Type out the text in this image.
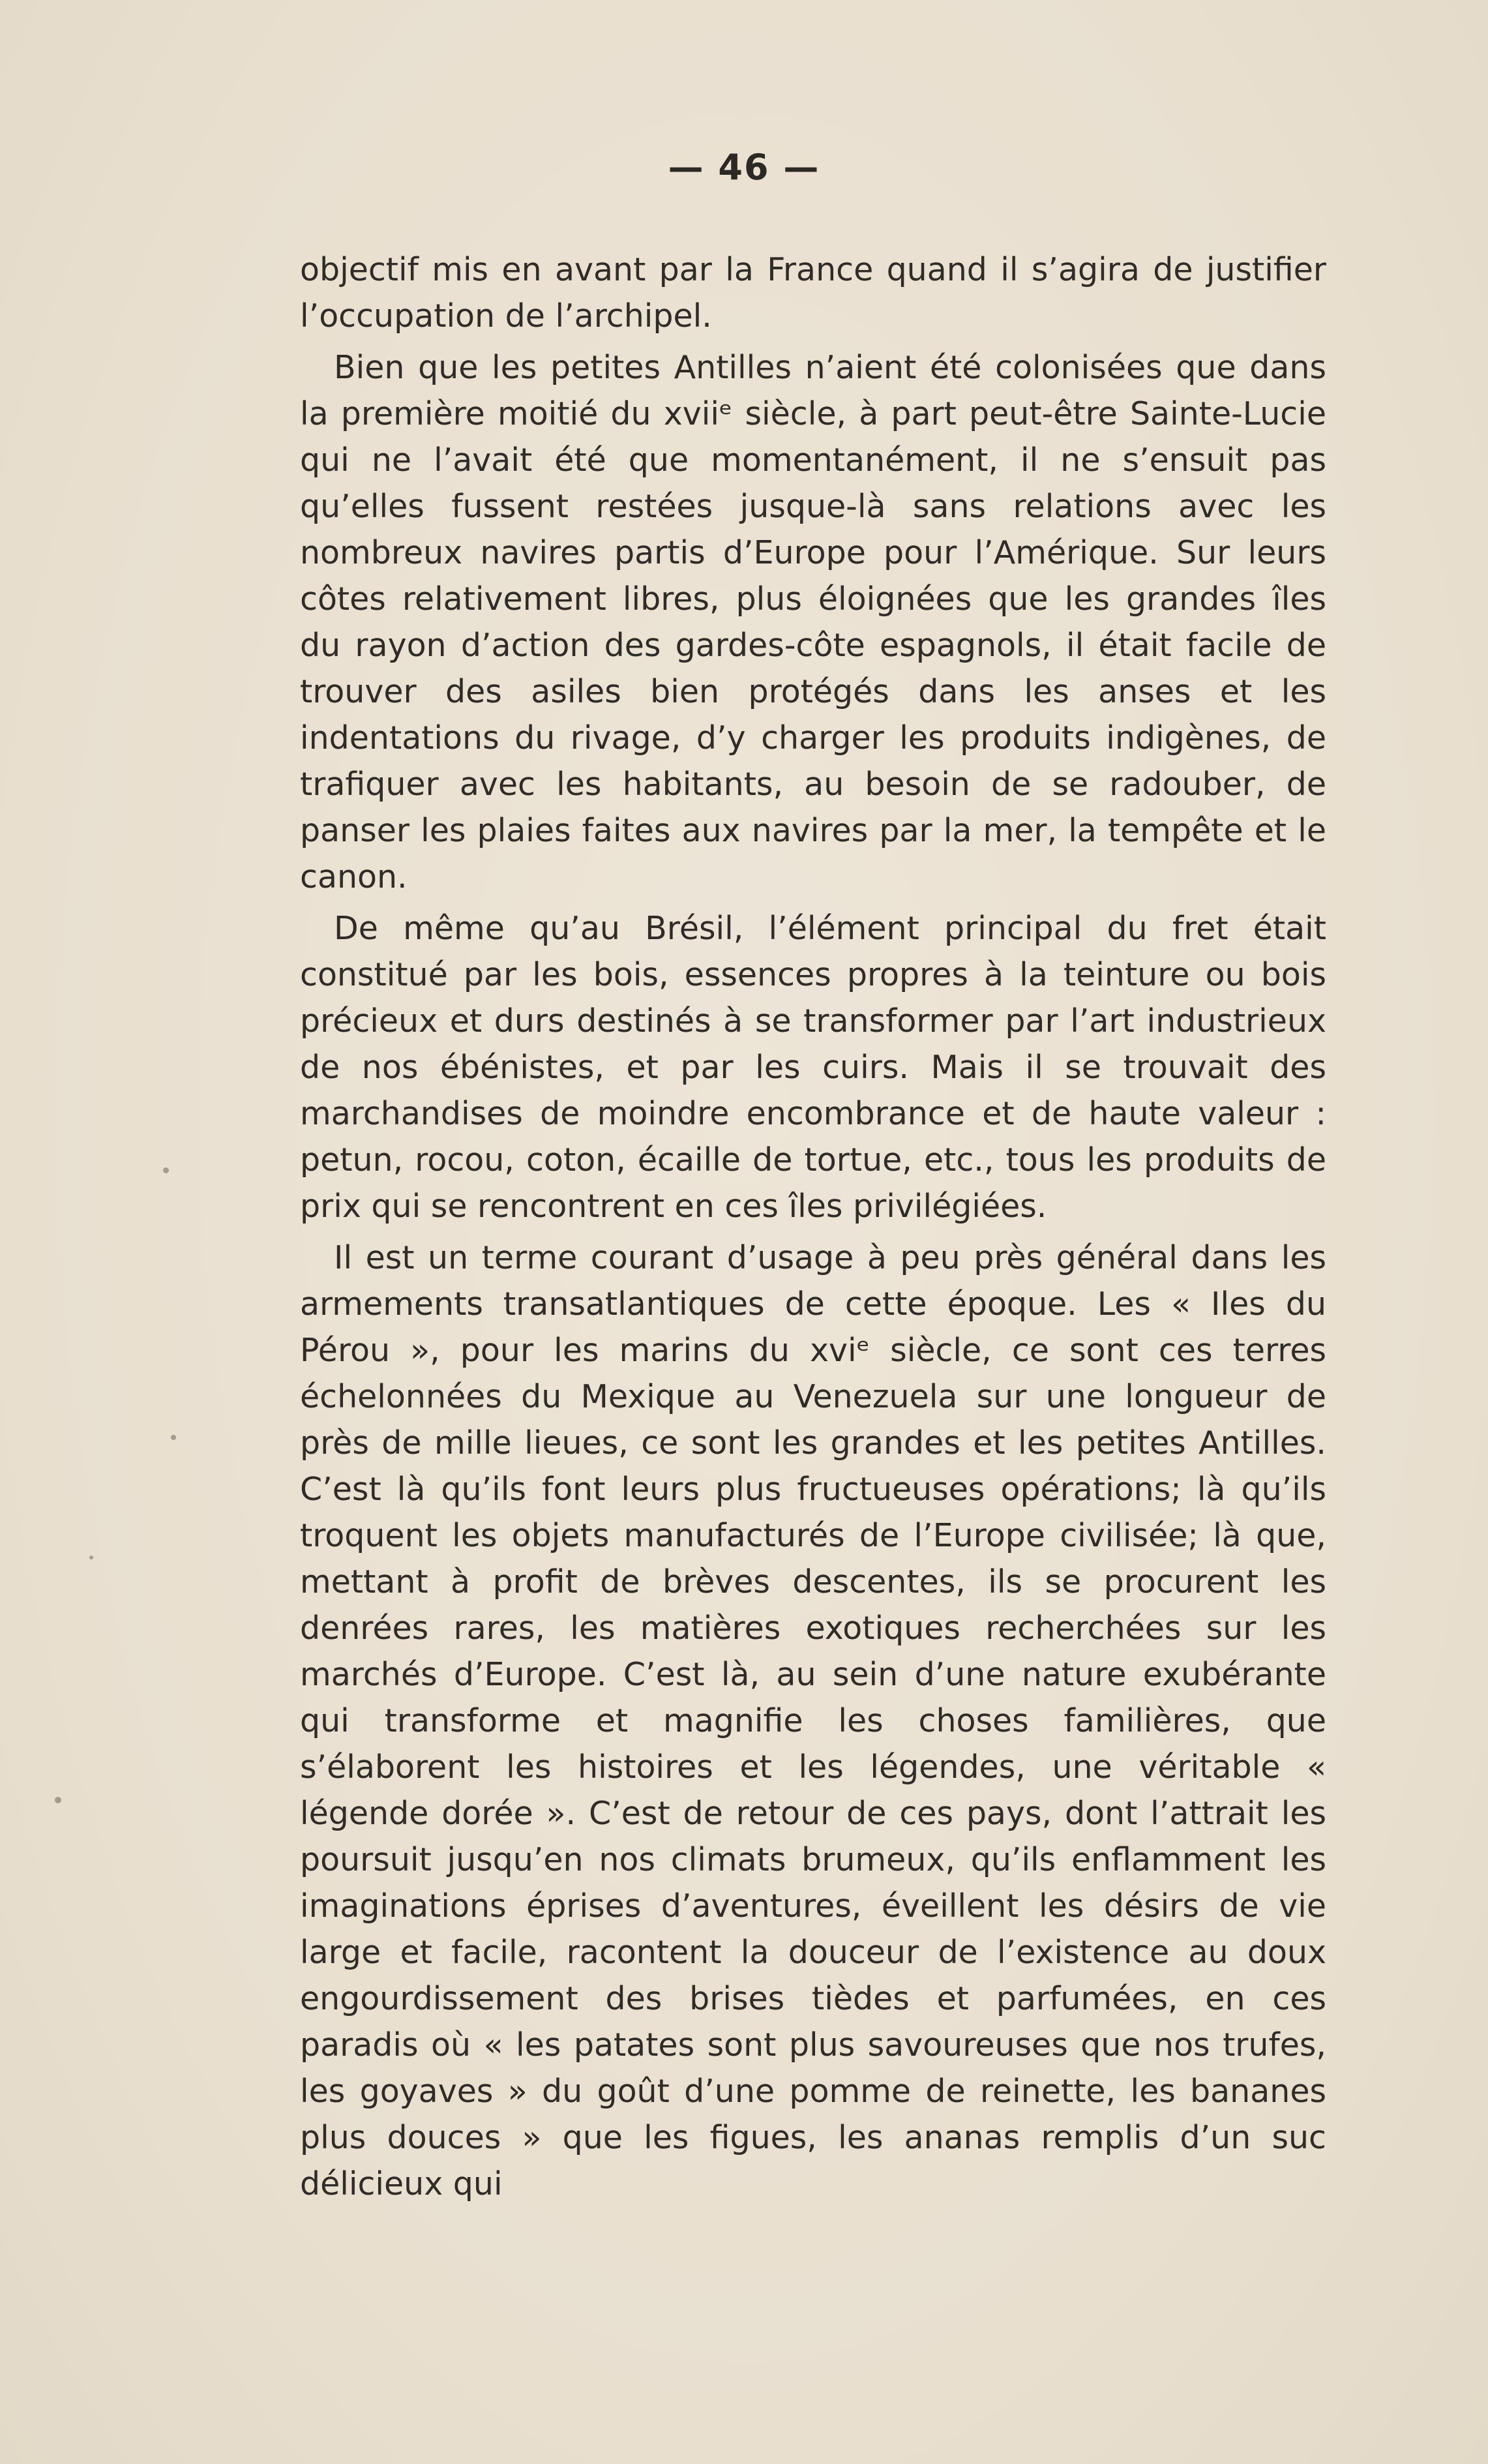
— 46 —

objectif mis en avant par la France quand il s’agira de justifier l’occupation de l’archipel.

Bien que les petites Antilles n’aient été colonisées que dans la première moitié du xviiᵉ siècle, à part peut-être Sainte-Lucie qui ne l’avait été que momentanément, il ne s’ensuit pas qu’elles fussent restées jusque-là sans relations avec les nombreux navires partis d’Europe pour l’Amérique. Sur leurs côtes relativement libres, plus éloignées que les grandes îles du rayon d’action des gardes-côte espagnols, il était facile de trouver des asiles bien protégés dans les anses et les indentations du rivage, d’y charger les produits indigènes, de trafiquer avec les habitants, au besoin de se radouber, de panser les plaies faites aux navires par la mer, la tempête et le canon.

De même qu’au Brésil, l’élément principal du fret était constitué par les bois, essences propres à la teinture ou bois précieux et durs destinés à se transformer par l’art industrieux de nos ébénistes, et par les cuirs. Mais il se trouvait des marchandises de moindre encombrance et de haute valeur : petun, rocou, coton, écaille de tortue, etc., tous les produits de prix qui se rencontrent en ces îles privilégiées.

Il est un terme courant d’usage à peu près général dans les armements transatlantiques de cette époque. Les « Iles du Pérou », pour les marins du xviᵉ siècle, ce sont ces terres échelonnées du Mexique au Venezuela sur une longueur de près de mille lieues, ce sont les grandes et les petites Antilles. C’est là qu’ils font leurs plus fructueuses opérations; là qu’ils troquent les objets manufacturés de l’Europe civilisée; là que, mettant à profit de brèves descentes, ils se procurent les denrées rares, les matières exotiques recherchées sur les marchés d’Europe. C’est là, au sein d’une nature exubérante qui transforme et magnifie les choses familières, que s’élaborent les histoires et les légendes, une véritable « légende dorée ». C’est de retour de ces pays, dont l’attrait les poursuit jusqu’en nos climats brumeux, qu’ils enflamment les imaginations éprises d’aventures, éveillent les désirs de vie large et facile, racontent la douceur de l’existence au doux engourdissement des brises tièdes et parfumées, en ces paradis où « les patates sont plus savoureuses que nos trufes, les goyaves » du goût d’une pomme de reinette, les bananes plus douces » que les figues, les ananas remplis d’un suc délicieux qui
